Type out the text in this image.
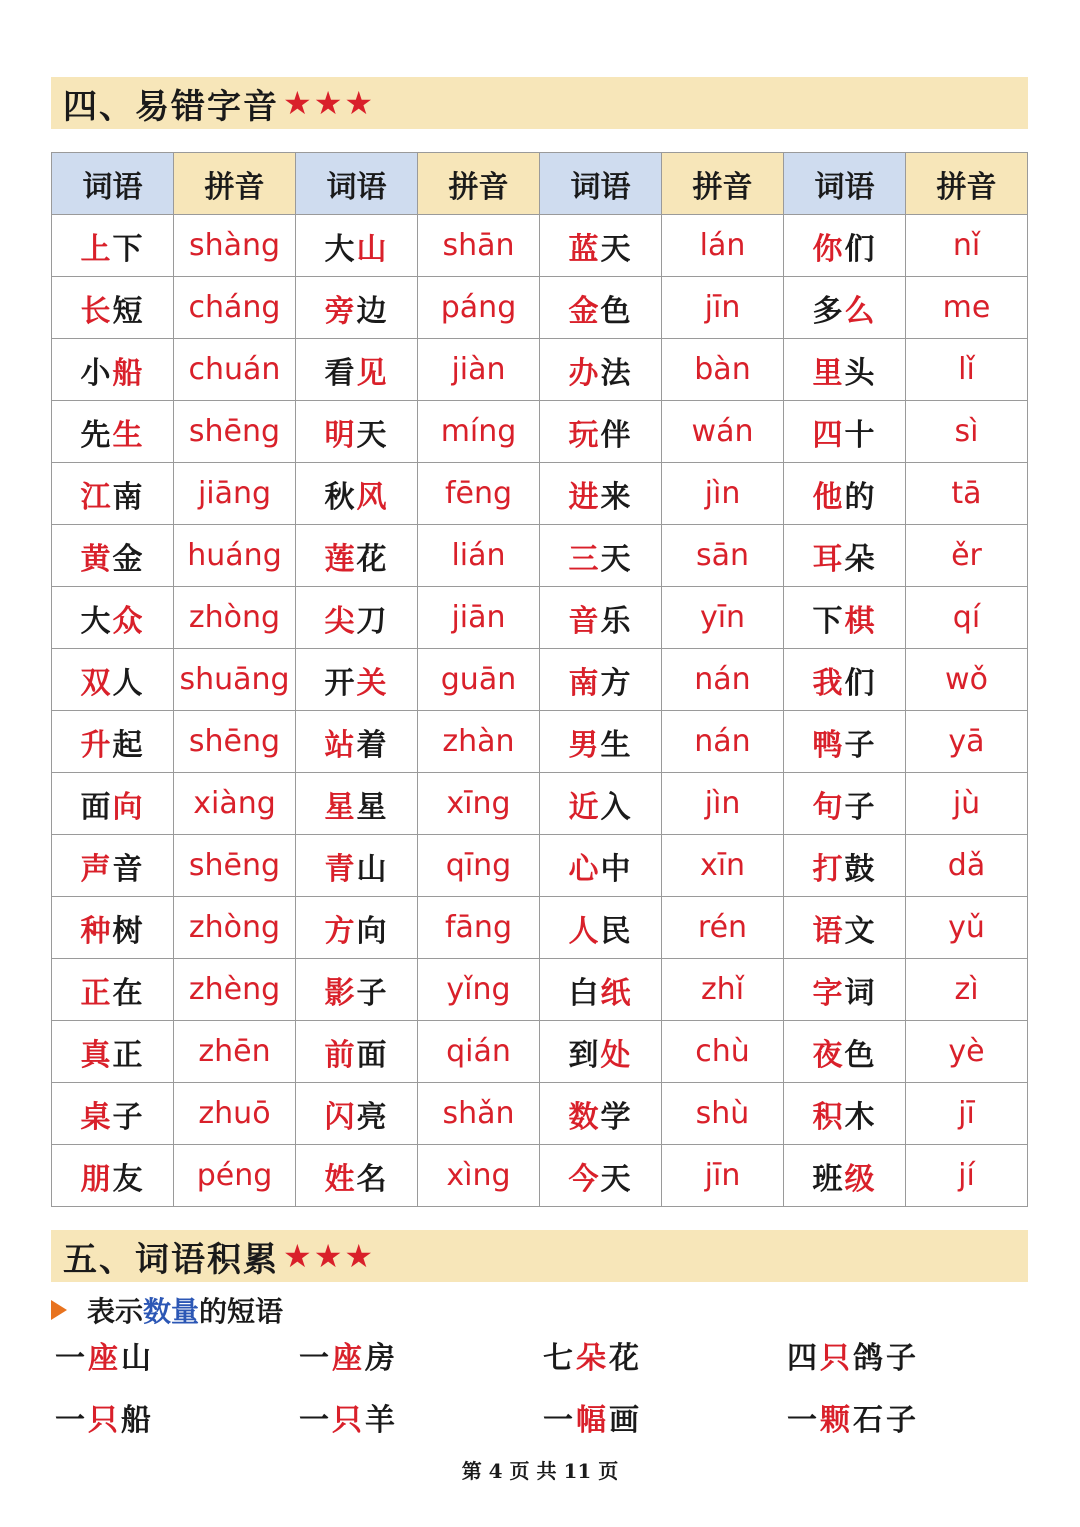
四、易错字音 ★★★
词语	拼音	词语	拼音	词语	拼音	词语	拼音
上下	shàng	大山	shān	蓝天	lán	你们	nǐ
长短	cháng	旁边	páng	金色	jīn	多么	me
小船	chuán	看见	jiàn	办法	bàn	里头	lǐ
先生	shēng	明天	míng	玩伴	wán	四十	sì
江南	jiāng	秋风	fēng	进来	jìn	他的	tā
黄金	huáng	莲花	lián	三天	sān	耳朵	ěr
大众	zhòng	尖刀	jiān	音乐	yīn	下棋	qí
双人	shuāng	开关	guān	南方	nán	我们	wǒ
升起	shēng	站着	zhàn	男生	nán	鸭子	yā
面向	xiàng	星星	xīng	近入	jìn	句子	jù
声音	shēng	青山	qīng	心中	xīn	打鼓	dǎ
种树	zhòng	方向	fāng	人民	rén	语文	yǔ
正在	zhèng	影子	yǐng	白纸	zhǐ	字词	zì
真正	zhēn	前面	qián	到处	chù	夜色	yè
桌子	zhuō	闪亮	shǎn	数学	shù	积木	jī
朋友	péng	姓名	xìng	今天	jīn	班级	jí
五、词语积累 ★★★
表示数量的短语
一座山	一座房	七朵花	四只鸽子
一只船	一只羊	一幅画	一颗石子
第 4 页 共 11 页
